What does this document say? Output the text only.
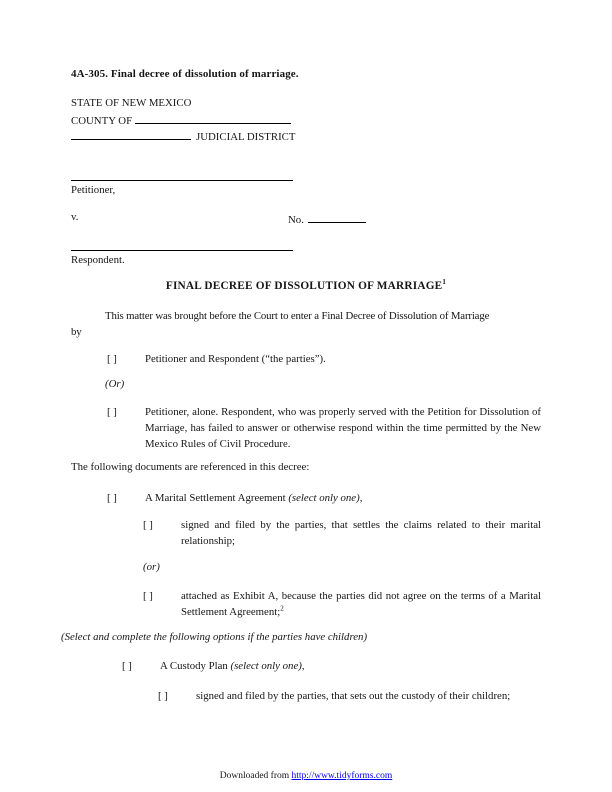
4A-305. Final decree of dissolution of marriage.
STATE OF NEW MEXICO
COUNTY OF
JUDICIAL DISTRICT
Petitioner,
v.	No.
Respondent.
FINAL DECREE OF DISSOLUTION OF MARRIAGE$^1$
This matter was brought before the Court to enter a Final Decree of Dissolution of Marriage
by
[ ]	Petitioner and Respondent (“the parties”).
(Or)
[ ]	Petitioner, alone. Respondent, who was properly served with the Petition for Dissolution of Marriage, has failed to answer or otherwise respond within the time permitted by the New Mexico Rules of Civil Procedure.
The following documents are referenced in this decree:
[ ]	A Marital Settlement Agreement (select only one),
[ ]	signed and filed by the parties, that settles the claims related to their marital relationship;
(or)
[ ]	attached as Exhibit A, because the parties did not agree on the terms of a Marital Settlement Agreement;$^2$
(Select and complete the following options if the parties have children)
[ ]	A Custody Plan (select only one),
[ ]	signed and filed by the parties, that sets out the custody of their children;
Downloaded from http://www.tidyforms.com
